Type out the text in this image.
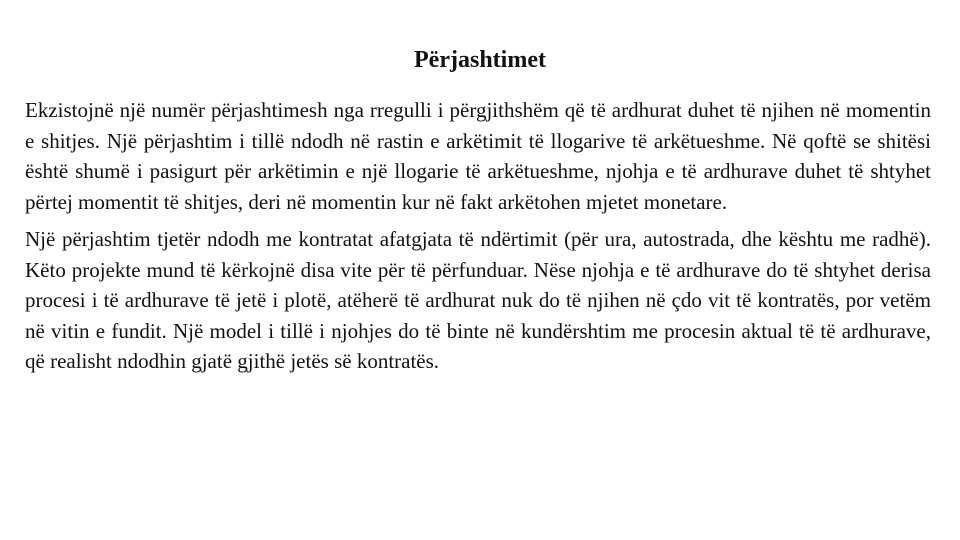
Përjashtimet

Ekzistojnë një numër përjashtimesh nga rregulli i përgjithshëm që të ardhurat duhet të njihen në momentin e shitjes. Një përjashtim i tillë ndodh në rastin e arkëtimit të llogarive të arkëtueshme. Në qoftë se shitësi është shumë i pasigurt për arkëtimin e një llogarie të arkëtueshme, njohja e të ardhurave duhet të shtyhet përtej momentit të shitjes, deri në momentin kur në fakt arkëtohen mjetet monetare.

Një përjashtim tjetër ndodh me kontratat afatgjata të ndërtimit (për ura, autostrada, dhe kështu me radhë). Këto projekte mund të kërkojnë disa vite për të përfunduar. Nëse njohja e të ardhurave do të shtyhet derisa procesi i të ardhurave të jetë i plotë, atëherë të ardhurat nuk do të njihen në çdo vit të kontratës, por vetëm në vitin e fundit. Një model i tillë i njohjes do të binte në kundërshtim me procesin aktual të të ardhurave, që realisht ndodhin gjatë gjithë jetës së kontratës.
